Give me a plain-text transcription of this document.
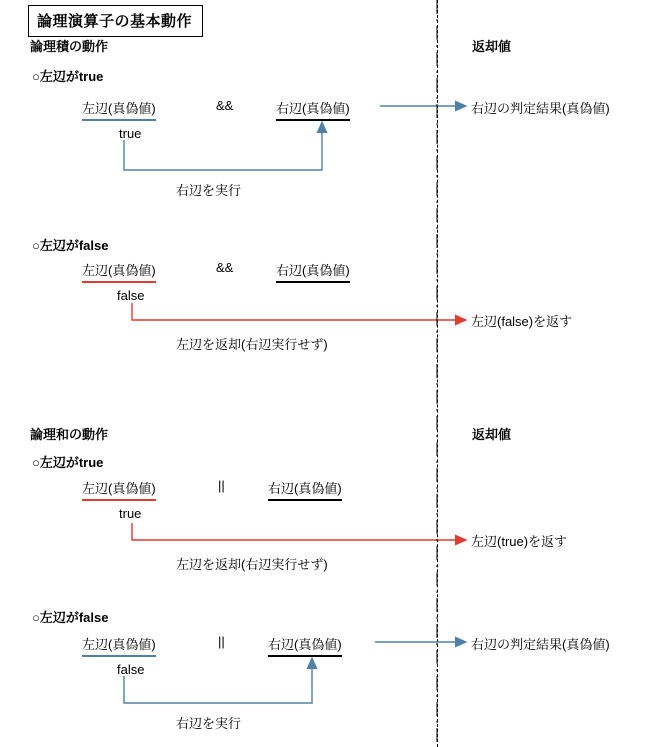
論理演算子の基本動作
論理積の動作	返却値
○左辺がtrue
左辺(真偽値)	&&	右辺(真偽値)
true
右辺を実行
右辺の判定結果(真偽値)
○左辺がfalse
左辺(真偽値)	&&	右辺(真偽値)
false
左辺を返却(右辺実行せず)
左辺(false)を返す
論理和の動作	返却値
○左辺がtrue
左辺(真偽値)	||	右辺(真偽値)
true
左辺を返却(右辺実行せず)
左辺(true)を返す
○左辺がfalse
左辺(真偽値)	||	右辺(真偽値)
false
右辺を実行
右辺の判定結果(真偽値)
